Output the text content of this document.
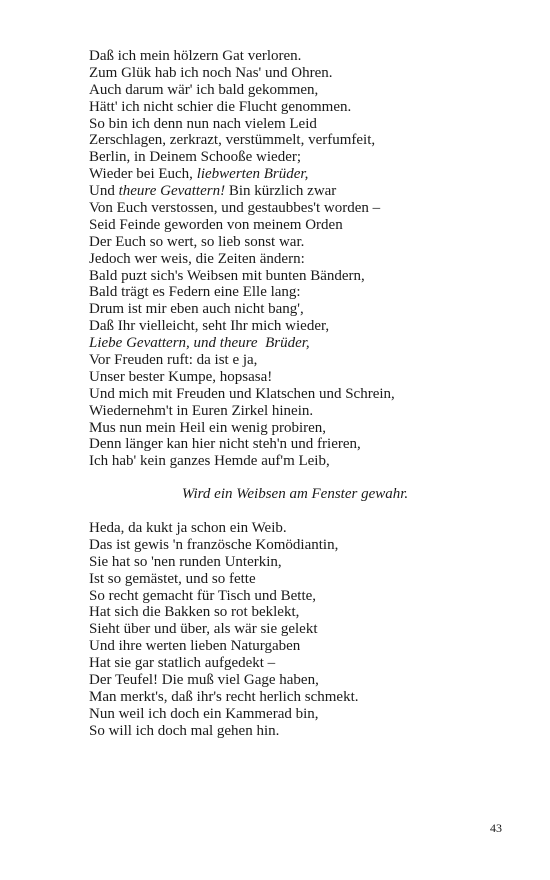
Daß ich mein hölzern Gat verloren.
Zum Glük hab ich noch Nas' und Ohren.
Auch darum wär' ich bald gekommen,
Hätt' ich nicht schier die Flucht genommen.
So bin ich denn nun nach vielem Leid
Zerschlagen, zerkrazt, verstümmelt, verfumfeit,
Berlin, in Deinem Schooße wieder;
Wieder bei Euch, liebwerten Brüder,
Und theure Gevattern! Bin kürzlich zwar
Von Euch verstossen, und gestaubbes't worden –
Seid Feinde geworden von meinem Orden
Der Euch so wert, so lieb sonst war.
Jedoch wer weis, die Zeiten ändern:
Bald puzt sich's Weibsen mit bunten Bändern,
Bald trägt es Federn eine Elle lang:
Drum ist mir eben auch nicht bang',
Daß Ihr vielleicht, seht Ihr mich wieder,
Liebe Gevattern, und theure  Brüder,
Vor Freuden ruft: da ist e ja,
Unser bester Kumpe, hopsasa!
Und mich mit Freuden und Klatschen und Schrein,
Wiedernehm't in Euren Zirkel hinein.
Mus nun mein Heil ein wenig probiren,
Denn länger kan hier nicht steh'n und frieren,
Ich hab' kein ganzes Hemde auf'm Leib,
Wird ein Weibsen am Fenster gewahr.
Heda, da kukt ja schon ein Weib.
Das ist gewis 'n französche Komödiantin,
Sie hat so 'nen runden Unterkin,
Ist so gemästet, und so fette
So recht gemacht für Tisch und Bette,
Hat sich die Bakken so rot beklekt,
Sieht über und über, als wär sie gelekt
Und ihre werten lieben Naturgaben
Hat sie gar statlich aufgedekt –
Der Teufel! Die muß viel Gage haben,
Man merkt's, daß ihr's recht herlich schmekt.
Nun weil ich doch ein Kammerad bin,
So will ich doch mal gehen hin.
43
